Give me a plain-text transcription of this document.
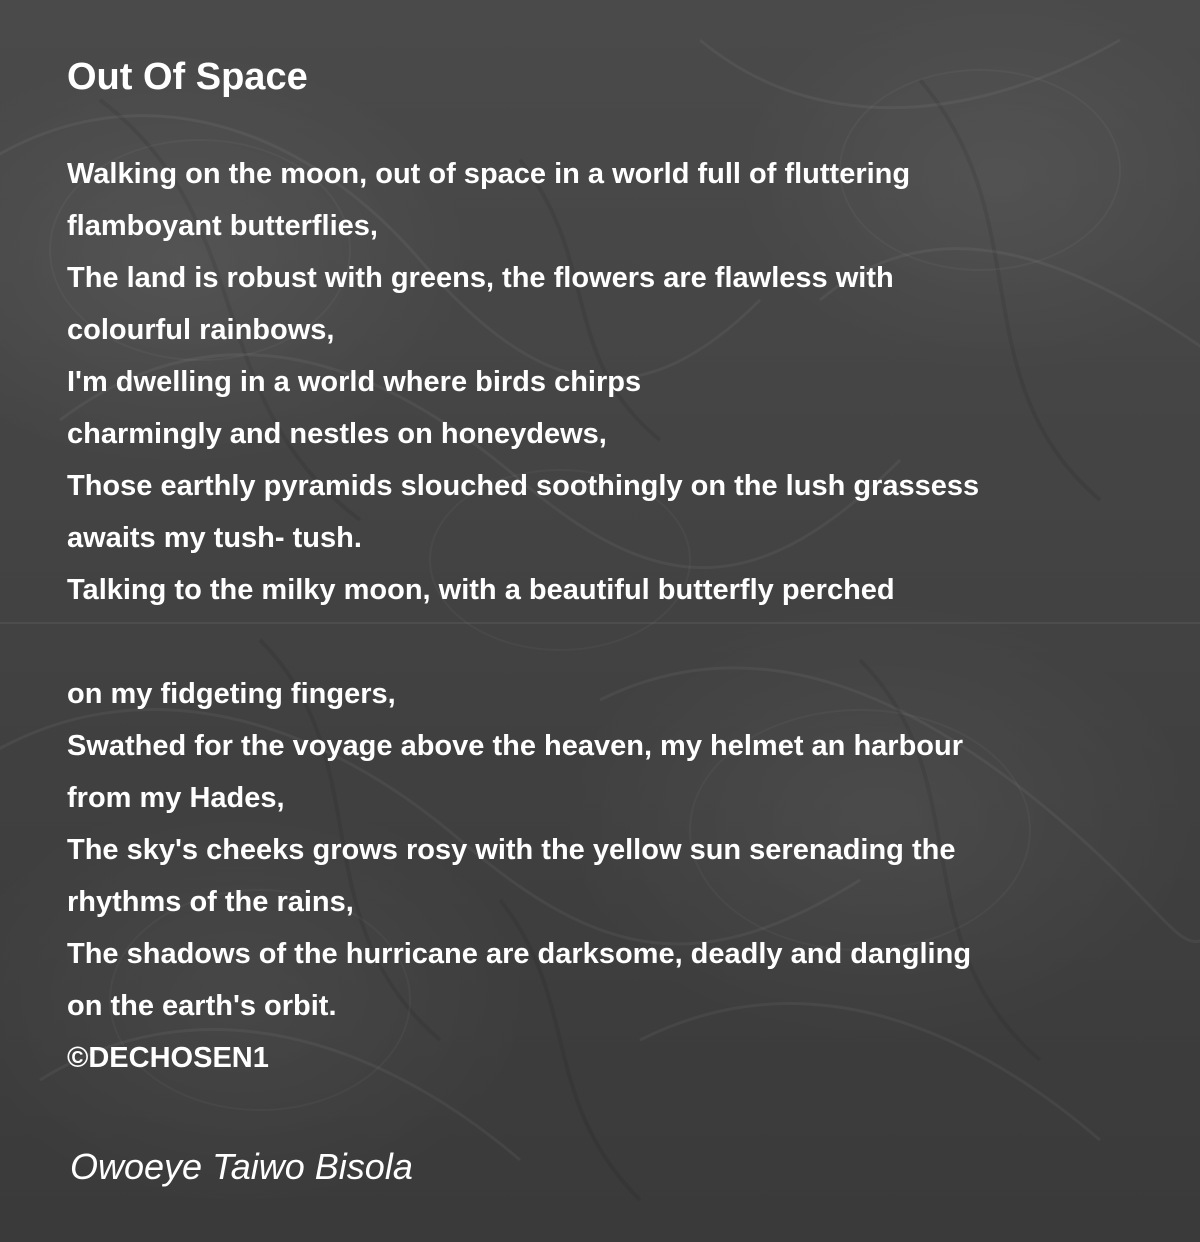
Out Of Space
Walking on the moon, out of space in a world full of fluttering
flamboyant butterflies,
The land is robust with greens, the flowers are flawless with
colourful rainbows,
I'm dwelling in a world where birds chirps
charmingly and nestles on honeydews,
Those earthly pyramids slouched soothingly on the lush grassess
awaits my tush- tush.
Talking to the milky moon, with a beautiful butterfly perched
on my fidgeting fingers,
Swathed for the voyage above the heaven, my helmet an harbour
from my Hades,
The sky's cheeks grows rosy with the yellow sun serenading the
rhythms of the rains,
The shadows of the hurricane are darksome, deadly and dangling
on the earth's orbit.
©DECHOSEN1

Owoeye Taiwo Bisola
